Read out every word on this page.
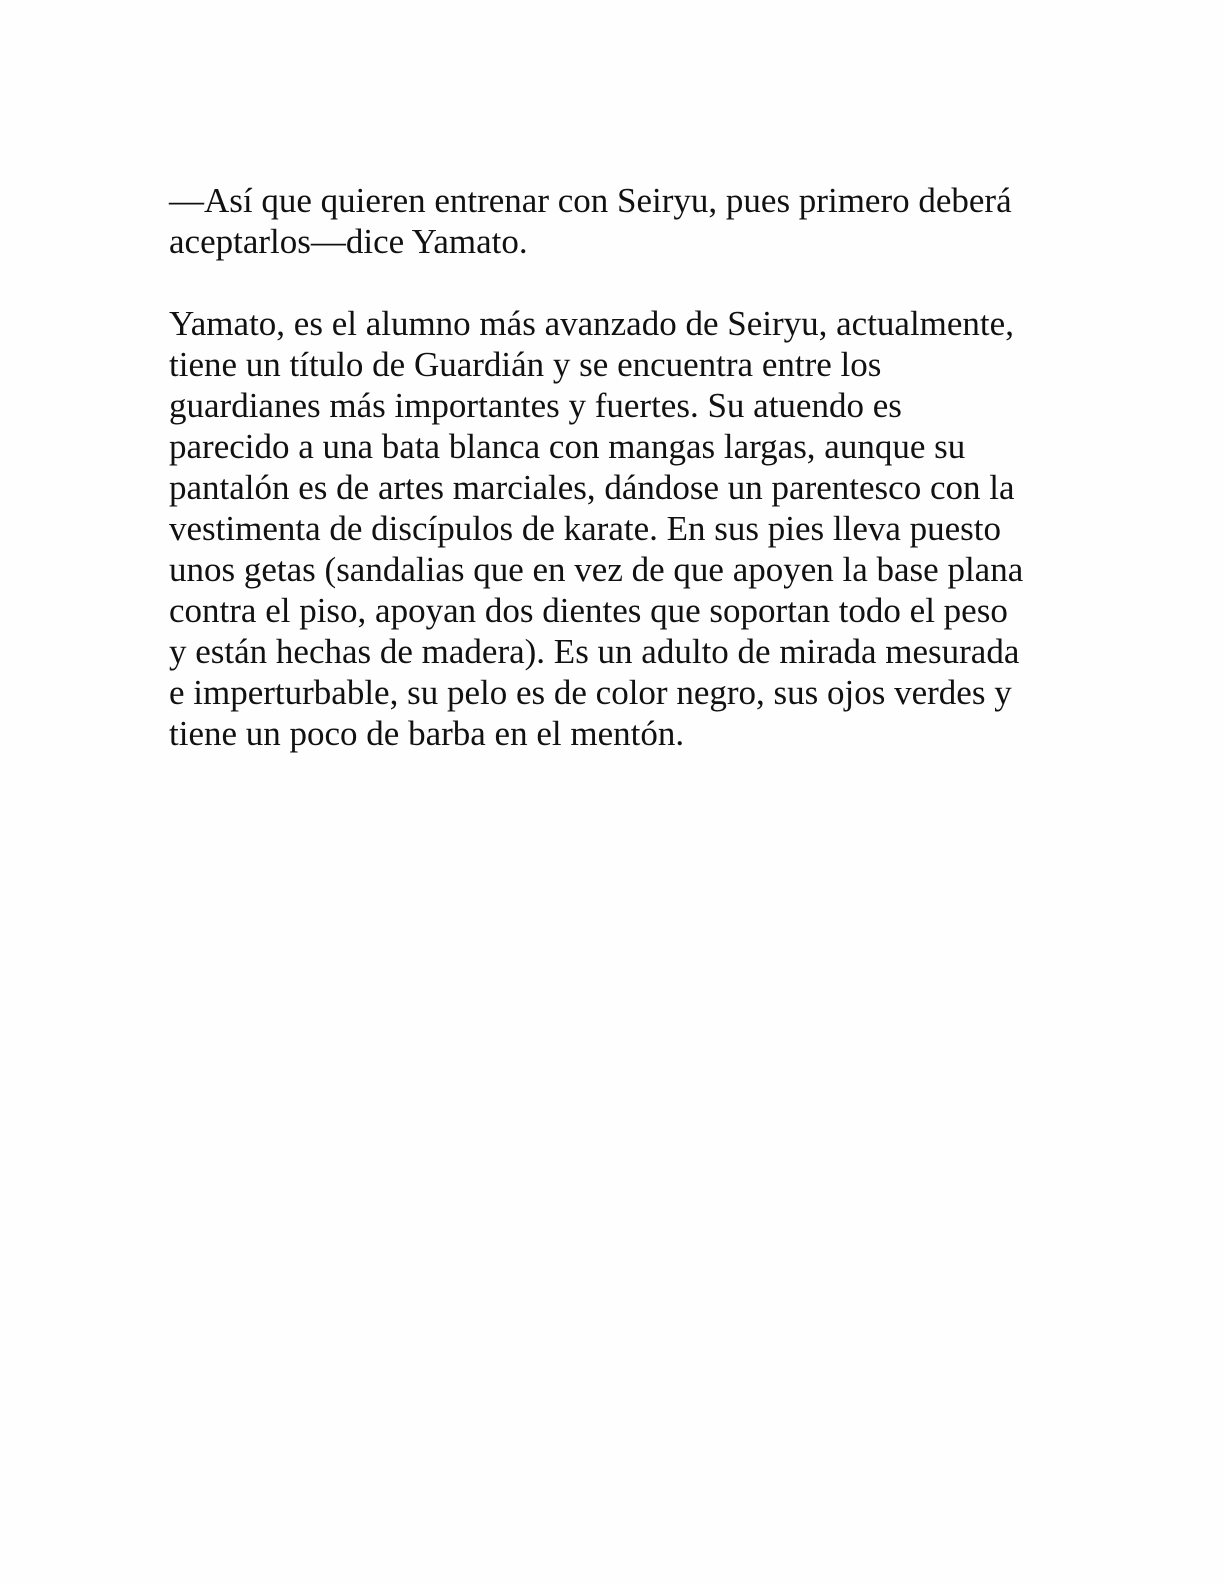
—Así que quieren entrenar con Seiryu, pues primero deberá
aceptarlos—dice Yamato.

Yamato, es el alumno más avanzado de Seiryu, actualmente,
tiene un título de Guardián y se encuentra entre los
guardianes más importantes y fuertes. Su atuendo es
parecido a una bata blanca con mangas largas, aunque su
pantalón es de artes marciales, dándose un parentesco con la
vestimenta de discípulos de karate. En sus pies lleva puesto
unos getas (sandalias que en vez de que apoyen la base plana
contra el piso, apoyan dos dientes que soportan todo el peso
y están hechas de madera). Es un adulto de mirada mesurada
e imperturbable, su pelo es de color negro, sus ojos verdes y
tiene un poco de barba en el mentón.
